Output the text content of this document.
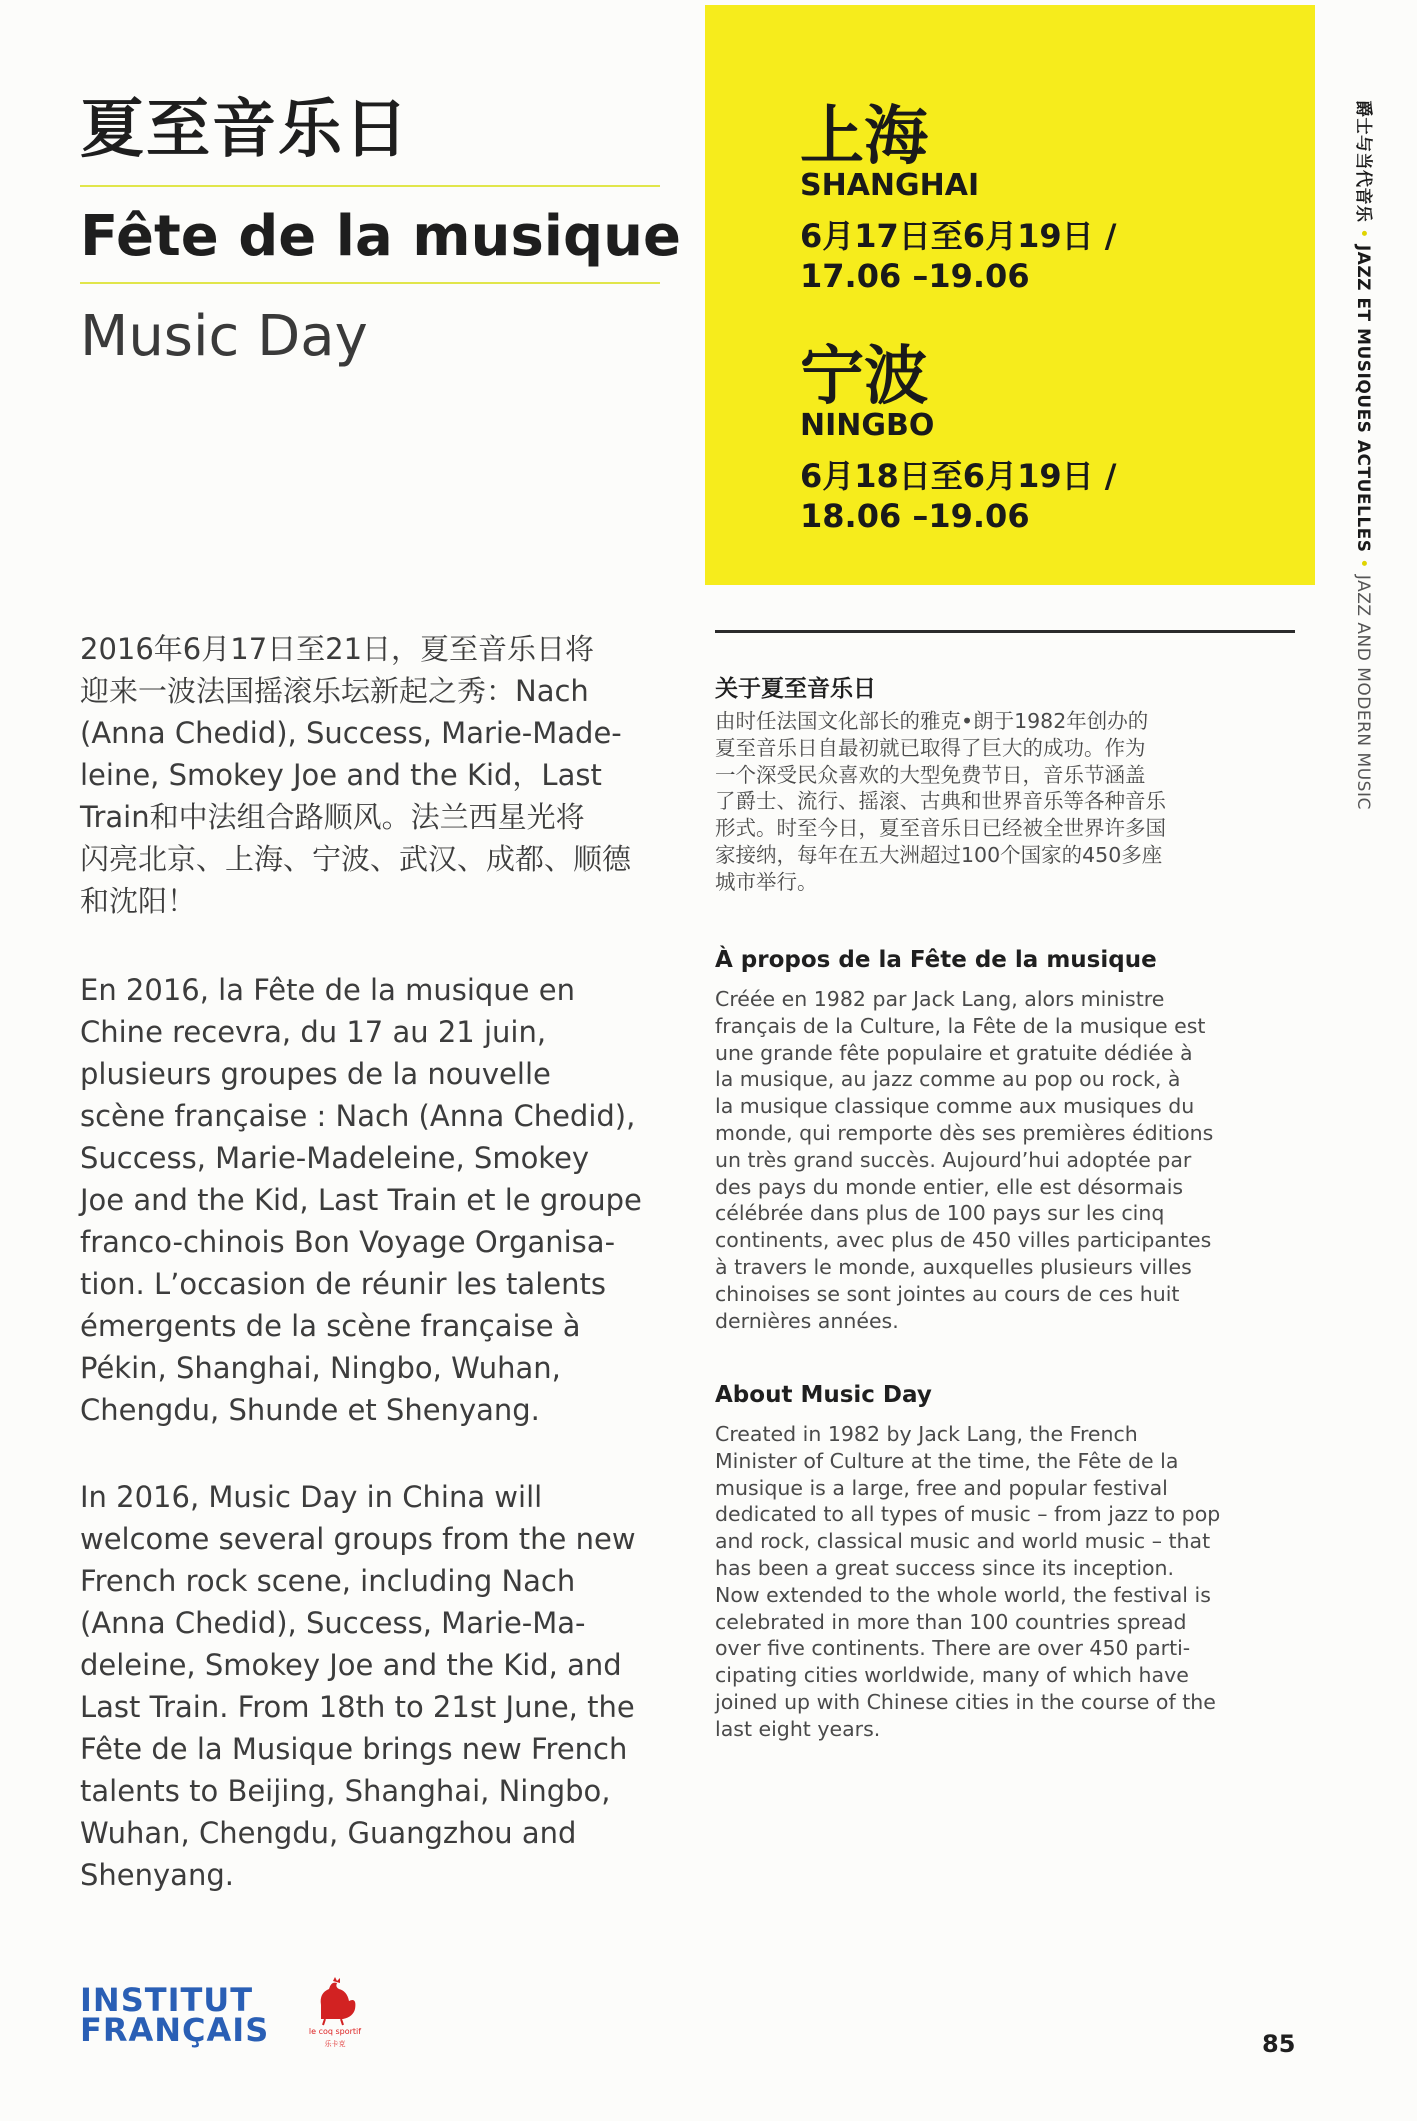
夏至音乐日
Fête de la musique
Music Day
上海
SHANGHAI
6月17日至6月19日 /
17.06 –19.06
宁波
NINGBO
6月18日至6月19日 /
18.06 –19.06
爵士与当代音乐 • JAZZ ET MUSIQUES ACTUELLES • JAZZ AND MODERN MUSIC
2016年6月17日至21日，夏至音乐日将
迎来一波法国摇滚乐坛新起之秀：Nach
(Anna Chedid), Success, Marie-Made-
leine, Smokey Joe and the Kid，Last
Train和中法组合路顺风。法兰西星光将
闪亮北京、上海、宁波、武汉、成都、顺德
和沈阳！
En 2016, la Fête de la musique en
Chine recevra, du 17 au 21 juin,
plusieurs groupes de la nouvelle
scène française : Nach (Anna Chedid),
Success, Marie-Madeleine, Smokey
Joe and the Kid, Last Train et le groupe
franco-chinois Bon Voyage Organisa-
tion. L’occasion de réunir les talents
émergents de la scène française à
Pékin, Shanghai, Ningbo, Wuhan,
Chengdu, Shunde et Shenyang.
In 2016, Music Day in China will
welcome several groups from the new
French rock scene, including Nach
(Anna Chedid), Success, Marie-Ma-
deleine, Smokey Joe and the Kid, and
Last Train. From 18th to 21st June, the
Fête de la Musique brings new French
talents to Beijing, Shanghai, Ningbo,
Wuhan, Chengdu, Guangzhou and
Shenyang.
关于夏至音乐日
由时任法国文化部长的雅克•朗于1982年创办的
夏至音乐日自最初就已取得了巨大的成功。作为
一个深受民众喜欢的大型免费节日，音乐节涵盖
了爵士、流行、摇滚、古典和世界音乐等各种音乐
形式。时至今日，夏至音乐日已经被全世界许多国
家接纳，每年在五大洲超过100个国家的450多座
城市举行。
À propos de la Fête de la musique
Créée en 1982 par Jack Lang, alors ministre
français de la Culture, la Fête de la musique est
une grande fête populaire et gratuite dédiée à
la musique, au jazz comme au pop ou rock, à
la musique classique comme aux musiques du
monde, qui remporte dès ses premières éditions
un très grand succès. Aujourd’hui adoptée par
des pays du monde entier, elle est désormais
célébrée dans plus de 100 pays sur les cinq
continents, avec plus de 450 villes participantes
à travers le monde, auxquelles plusieurs villes
chinoises se sont jointes au cours de ces huit
dernières années.
About Music Day
Created in 1982 by Jack Lang, the French
Minister of Culture at the time, the Fête de la
musique is a large, free and popular festival
dedicated to all types of music – from jazz to pop
and rock, classical music and world music – that
has been a great success since its inception.
Now extended to the whole world, the festival is
celebrated in more than 100 countries spread
over five continents. There are over 450 parti-
cipating cities worldwide, many of which have
joined up with Chinese cities in the course of the
last eight years.
INSTITUT
FRANÇAIS	le coq sportif
乐卡克	85
